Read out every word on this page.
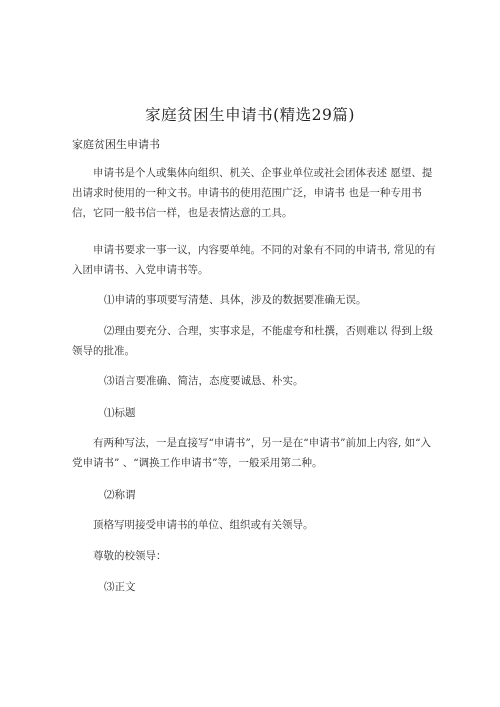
家庭贫困生申请书(精选29篇)

家庭贫困生申请书

申请书是个人或集体向组织、机关、企事业单位或社会团体表述 愿望、提出请求时使用的一种文书。申请书的使用范围广泛，申请书 也是一种专用书信，它同一般书信一样，也是表情达意的工具。

申请书要求一事一议，内容要单纯。不同的对象有不同的申请书, 常见的有入团申请书、入党申请书等。

⑴申请的事项要写清楚、具体，涉及的数据要准确无误。

⑵理由要充分、合理，实事求是，不能虚夸和杜撰，否则难以 得到上级领导的批准。

⑶语言要准确、简洁，态度要诚恳、朴实。

⑴标题

有两种写法，一是直接写“申请书”，另一是在“申请书”前加上内容, 如“入党申请书” 、“调换工作申请书”等，一般采用第二种。

⑵称谓

顶格写明接受申请书的单位、组织或有关领导。

尊敬的校领导：

⑶正文
